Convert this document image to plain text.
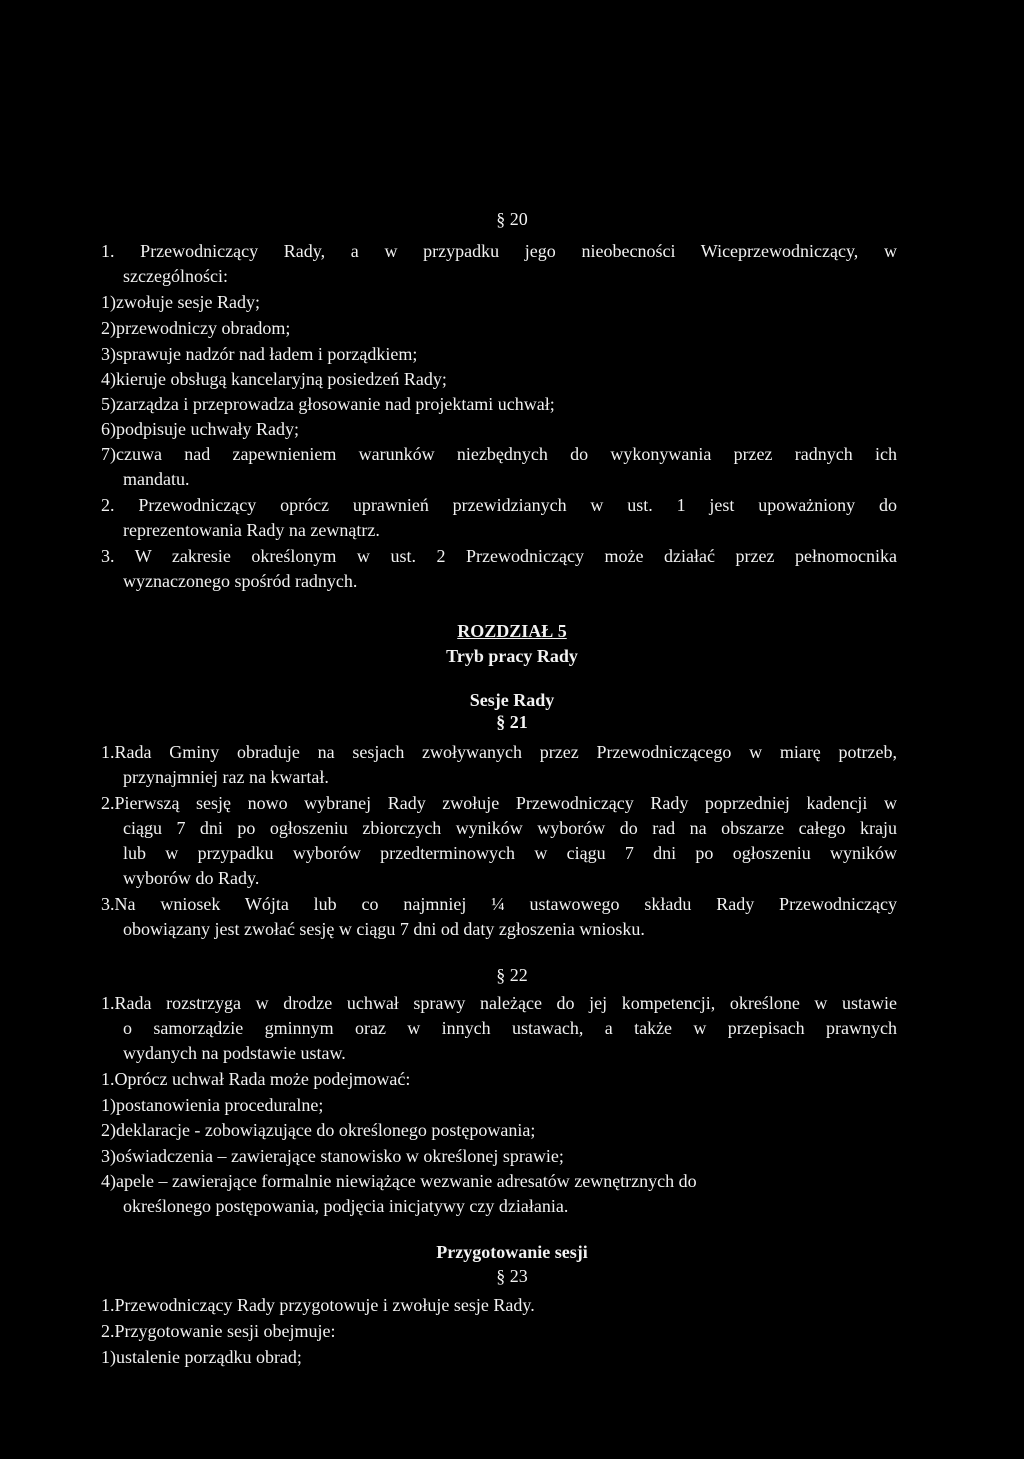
§ 20
1. Przewodniczący Rady, a w przypadku jego nieobecności Wiceprzewodniczący, w
szczególności:
1)zwołuje sesje Rady;
2)przewodniczy obradom;
3)sprawuje nadzór nad ładem i porządkiem;
4)kieruje obsługą kancelaryjną posiedzeń Rady;
5)zarządza i przeprowadza głosowanie nad projektami uchwał;
6)podpisuje uchwały Rady;
7)czuwa nad zapewnieniem warunków niezbędnych do wykonywania przez radnych ich
mandatu.
2. Przewodniczący oprócz uprawnień przewidzianych w ust. 1 jest upoważniony do
reprezentowania Rady na zewnątrz.
3. W zakresie określonym w ust. 2 Przewodniczący może działać przez pełnomocnika
wyznaczonego spośród radnych.
ROZDZIAŁ 5
Tryb pracy Rady
Sesje Rady
§ 21
1.Rada Gminy obraduje na sesjach zwoływanych przez Przewodniczącego w miarę potrzeb,
przynajmniej raz na kwartał.
2.Pierwszą sesję nowo wybranej Rady zwołuje Przewodniczący Rady poprzedniej kadencji w
ciągu 7 dni po ogłoszeniu zbiorczych wyników wyborów do rad na obszarze całego kraju
lub w przypadku wyborów przedterminowych w ciągu 7 dni po ogłoszeniu wyników
wyborów do Rady.
3.Na wniosek Wójta lub co najmniej ¼ ustawowego składu Rady Przewodniczący
obowiązany jest zwołać sesję w ciągu 7 dni od daty zgłoszenia wniosku.
§ 22
1.Rada rozstrzyga w drodze uchwał sprawy należące do jej kompetencji, określone w ustawie
o samorządzie gminnym oraz w innych ustawach, a także w przepisach prawnych
wydanych na podstawie ustaw.
1.Oprócz uchwał Rada może podejmować:
1)postanowienia proceduralne;
2)deklaracje - zobowiązujące do określonego postępowania;
3)oświadczenia – zawierające stanowisko w określonej sprawie;
4)apele – zawierające formalnie niewiążące wezwanie adresatów zewnętrznych do
określonego postępowania, podjęcia inicjatywy czy działania.
Przygotowanie sesji
§ 23
1.Przewodniczący Rady przygotowuje i zwołuje sesje Rady.
2.Przygotowanie sesji obejmuje:
1)ustalenie porządku obrad;
